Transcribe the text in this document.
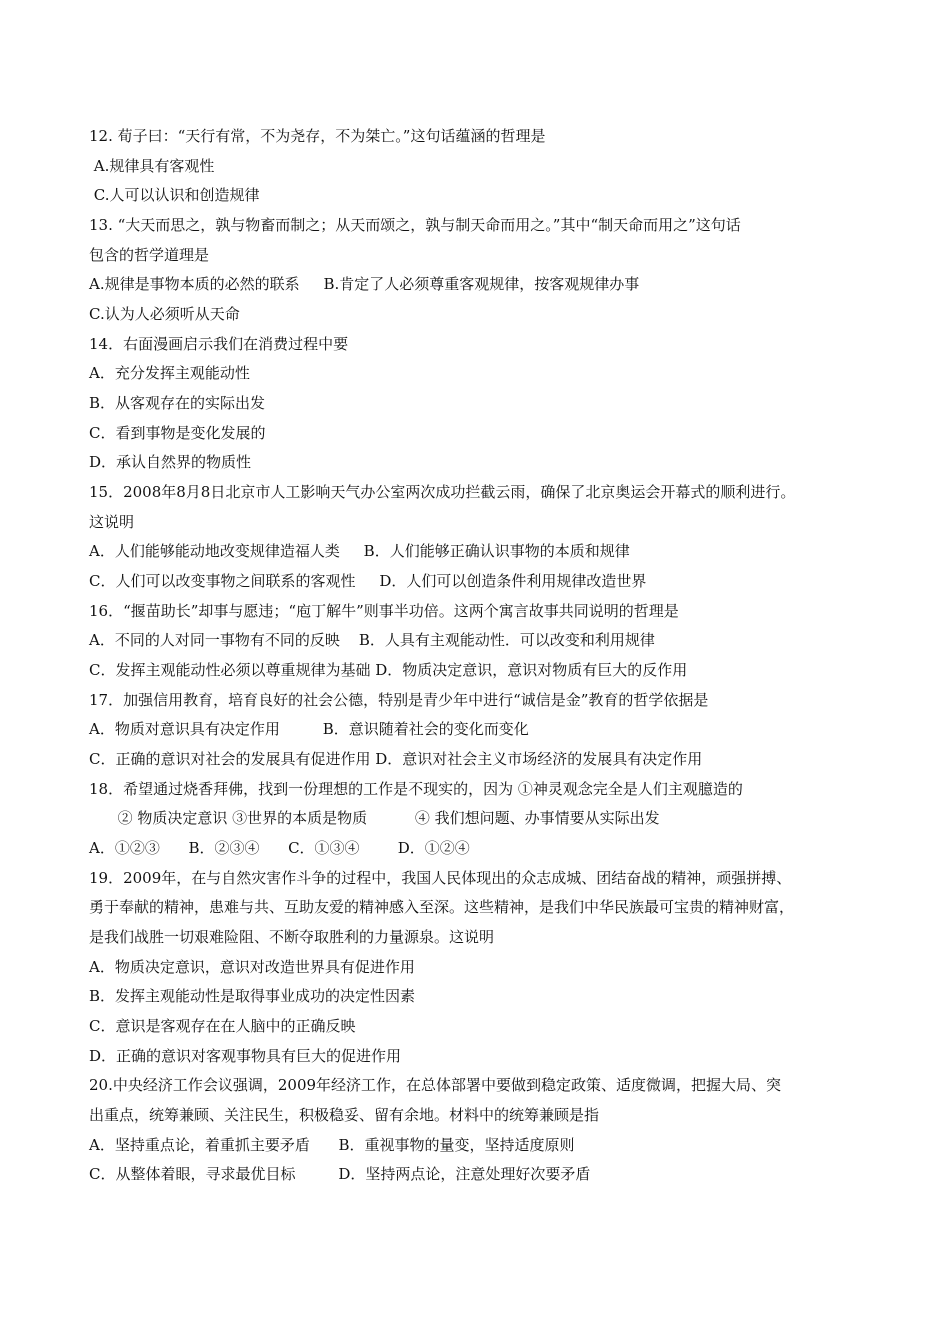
12. 荀子曰：“天行有常，不为尧存，不为桀亡。”这句话蕴涵的哲理是
A.规律具有客观性
C.人可以认识和创造规律
13. “大天而思之，孰与物畜而制之；从天而颂之，孰与制天命而用之。”其中“制天命而用之”这句话
包含的哲学道理是
A.规律是事物本质的必然的联系     B.肯定了人必须尊重客观规律，按客观规律办事
C.认为人必须听从天命
14．右面漫画启示我们在消费过程中要
A．充分发挥主观能动性
B．从客观存在的实际出发
C．看到事物是变化发展的
D．承认自然界的物质性
15．2008年8月8日北京市人工影响天气办公室两次成功拦截云雨，确保了北京奥运会开幕式的顺利进行。
这说明
A．人们能够能动地改变规律造福人类     B．人们能够正确认识事物的本质和规律
C．人们可以改变事物之间联系的客观性     D．人们可以创造条件利用规律改造世界
16．“揠苗助长”却事与愿违；“庖丁解牛”则事半功倍。这两个寓言故事共同说明的哲理是
A．不同的人对同一事物有不同的反映    B．人具有主观能动性．可以改变和利用规律
C．发挥主观能动性必须以尊重规律为基础 D．物质决定意识，意识对物质有巨大的反作用
17．加强信用教育，培育良好的社会公德，特别是青少年中进行“诚信是金”教育的哲学依据是
A．物质对意识具有决定作用         B．意识随着社会的变化而变化
C．正确的意识对社会的发展具有促进作用 D．意识对社会主义市场经济的发展具有决定作用
18．希望通过烧香拜佛，找到一份理想的工作是不现实的，因为 ①神灵观念完全是人们主观臆造的
② 物质决定意识 ③世界的本质是物质          ④ 我们想问题、办事情要从实际出发
A．①②③      B．②③④      C．①③④        D．①②④
19．2009年，在与自然灾害作斗争的过程中，我国人民体现出的众志成城、团结奋战的精神，顽强拼搏、
勇于奉献的精神，患难与共、互助友爱的精神感入至深。这些精神，是我们中华民族最可宝贵的精神财富，
是我们战胜一切艰难险阻、不断夺取胜利的力量源泉。这说明
A．物质决定意识，意识对改造世界具有促进作用
B．发挥主观能动性是取得事业成功的决定性因素
C．意识是客观存在在人脑中的正确反映
D．正确的意识对客观事物具有巨大的促进作用
20.中央经济工作会议强调，2009年经济工作，在总体部署中要做到稳定政策、适度微调，把握大局、突
出重点，统筹兼顾、关注民生，积极稳妥、留有余地。材料中的统筹兼顾是指
A．坚持重点论，着重抓主要矛盾      B．重视事物的量变，坚持适度原则
C．从整体着眼，寻求最优目标         D．坚持两点论，注意处理好次要矛盾
